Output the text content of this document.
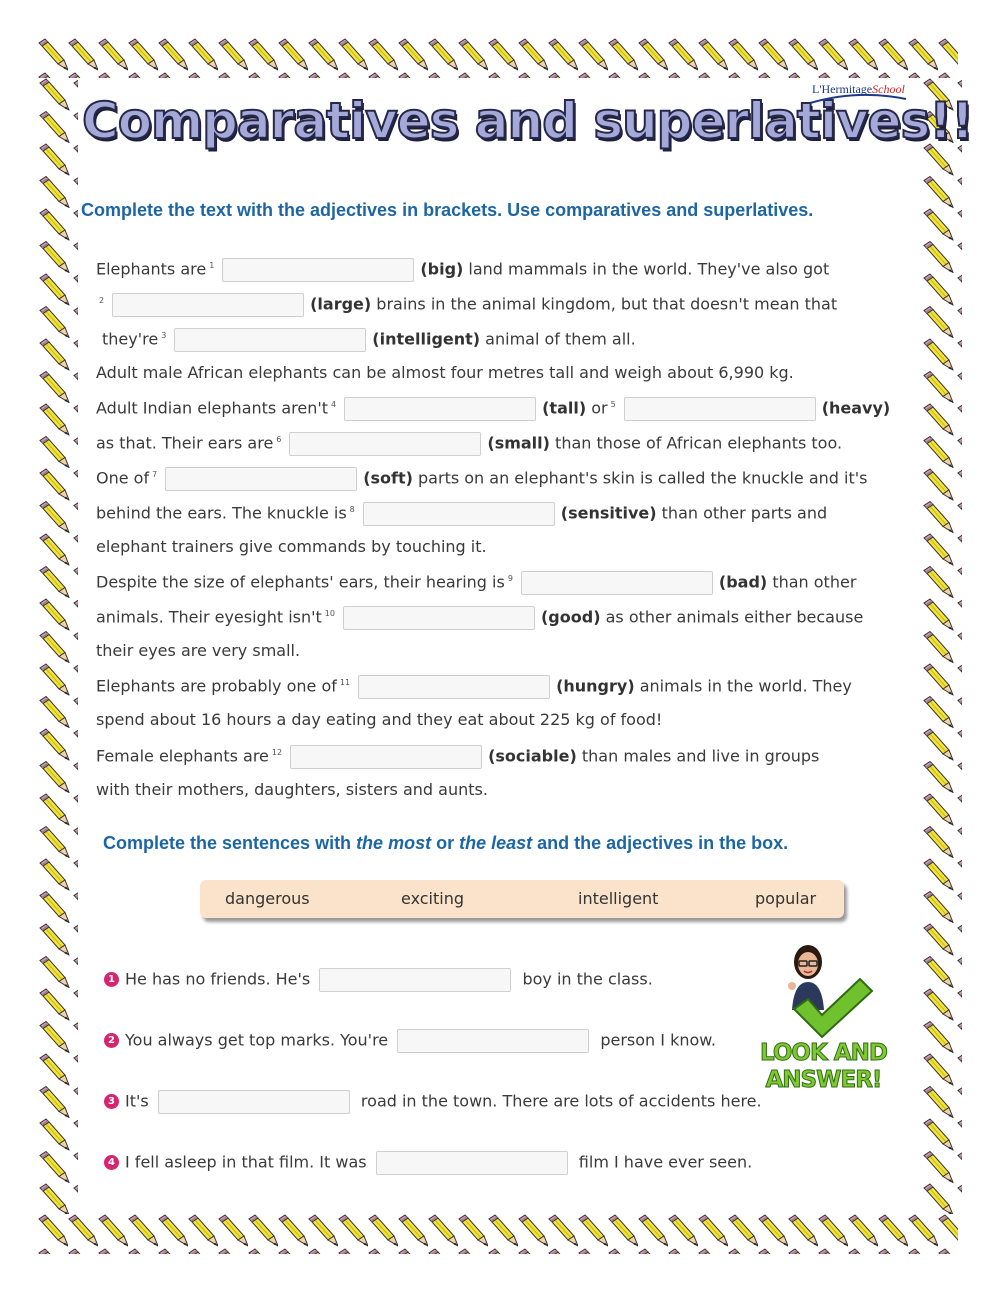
Comparatives and superlatives!!
L'HermitageSchool
Complete the text with the adjectives in brackets. Use comparatives and superlatives.
Elephants are $^1$	(big) land mammals in the world. They've also got
$^2$	(large) brains in the animal kingdom, but that doesn't mean that
they're $^3$	(intelligent) animal of them all.
Adult male African elephants can be almost four metres tall and weigh about 6,990 kg.
Adult Indian elephants aren't $^4$	(tall) or $^5$	(heavy)
as that. Their ears are $^6$	(small) than those of African elephants too.
One of $^7$	(soft) parts on an elephant's skin is called the knuckle and it's
behind the ears. The knuckle is $^8$	(sensitive) than other parts and
elephant trainers give commands by touching it.
Despite the size of elephants' ears, their hearing is $^9$	(bad) than other
animals. Their eyesight isn't $^{10}$	(good) as other animals either because
their eyes are very small.
Elephants are probably one of $^{11}$	(hungry) animals in the world. They
spend about 16 hours a day eating and they eat about 225 kg of food!
Female elephants are $^{12}$	(sociable) than males and live in groups
with their mothers, daughters, sisters and aunts.
Complete the sentences with the most or the least and the adjectives in the box.
dangerous	exciting	intelligent	popular
1 He has no friends. He's	boy in the class.
2 You always get top marks. You're	person I know.
3 It's	road in the town. There are lots of accidents here.
4 I fell asleep in that film. It was	film I have ever seen.
LOOK AND
ANSWER!
